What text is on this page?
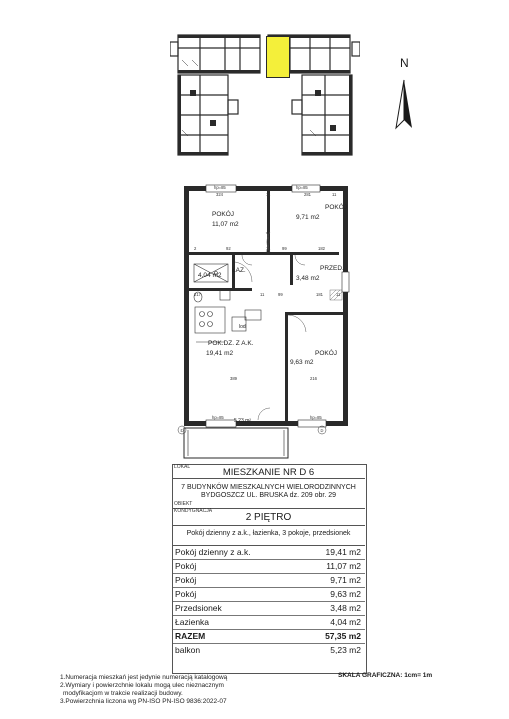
N
POKÓJ
11,07 m2
POKÓJ
9,71 m2
ŁAZ.
4,04 m2
PRZED.
3,48 m2
POK.DZ. Z A.K.
19,41 m2	POKÓJ
9,63 m2
5,23 m²
lod
hp=85
324	11
hp=85
281	11
2	92	11	99	182
217	11	99	181	11
389	216
hp=85	hp=85
①	②
LOKAL	MIESZKANIE NR D 6
7 BUDYNKÓW MIESZKALNYCH WIELORODZINNYCH
BYDGOSZCZ UL. BRUSKA dz. 209 obr. 29
OBIEKT
KONDYGNACJA
2 PIĘTRO
Pokój dzienny z a.k., łazienka, 3 pokoje, przedsionek
Pokój dzienny z a.k.	19,41 m2
Pokój	11,07 m2
Pokój	9,71 m2
Pokój	9,63 m2
Przedsionek	3,48 m2
Łazienka	4,04 m2
RAZEM	57,35 m2
balkon	5,23 m2
1.Numeracja mieszkań jest jedynie numeracją katalogową
2.Wymiary i powierzchnie lokalu mogą ulec nieznacznym
modyfikacjom w trakcie realizacji budowy.
3.Powierzchnia liczona wg PN-ISO PN-ISO 9836:2022-07
SKALA GRAFICZNA: 1cm= 1m
